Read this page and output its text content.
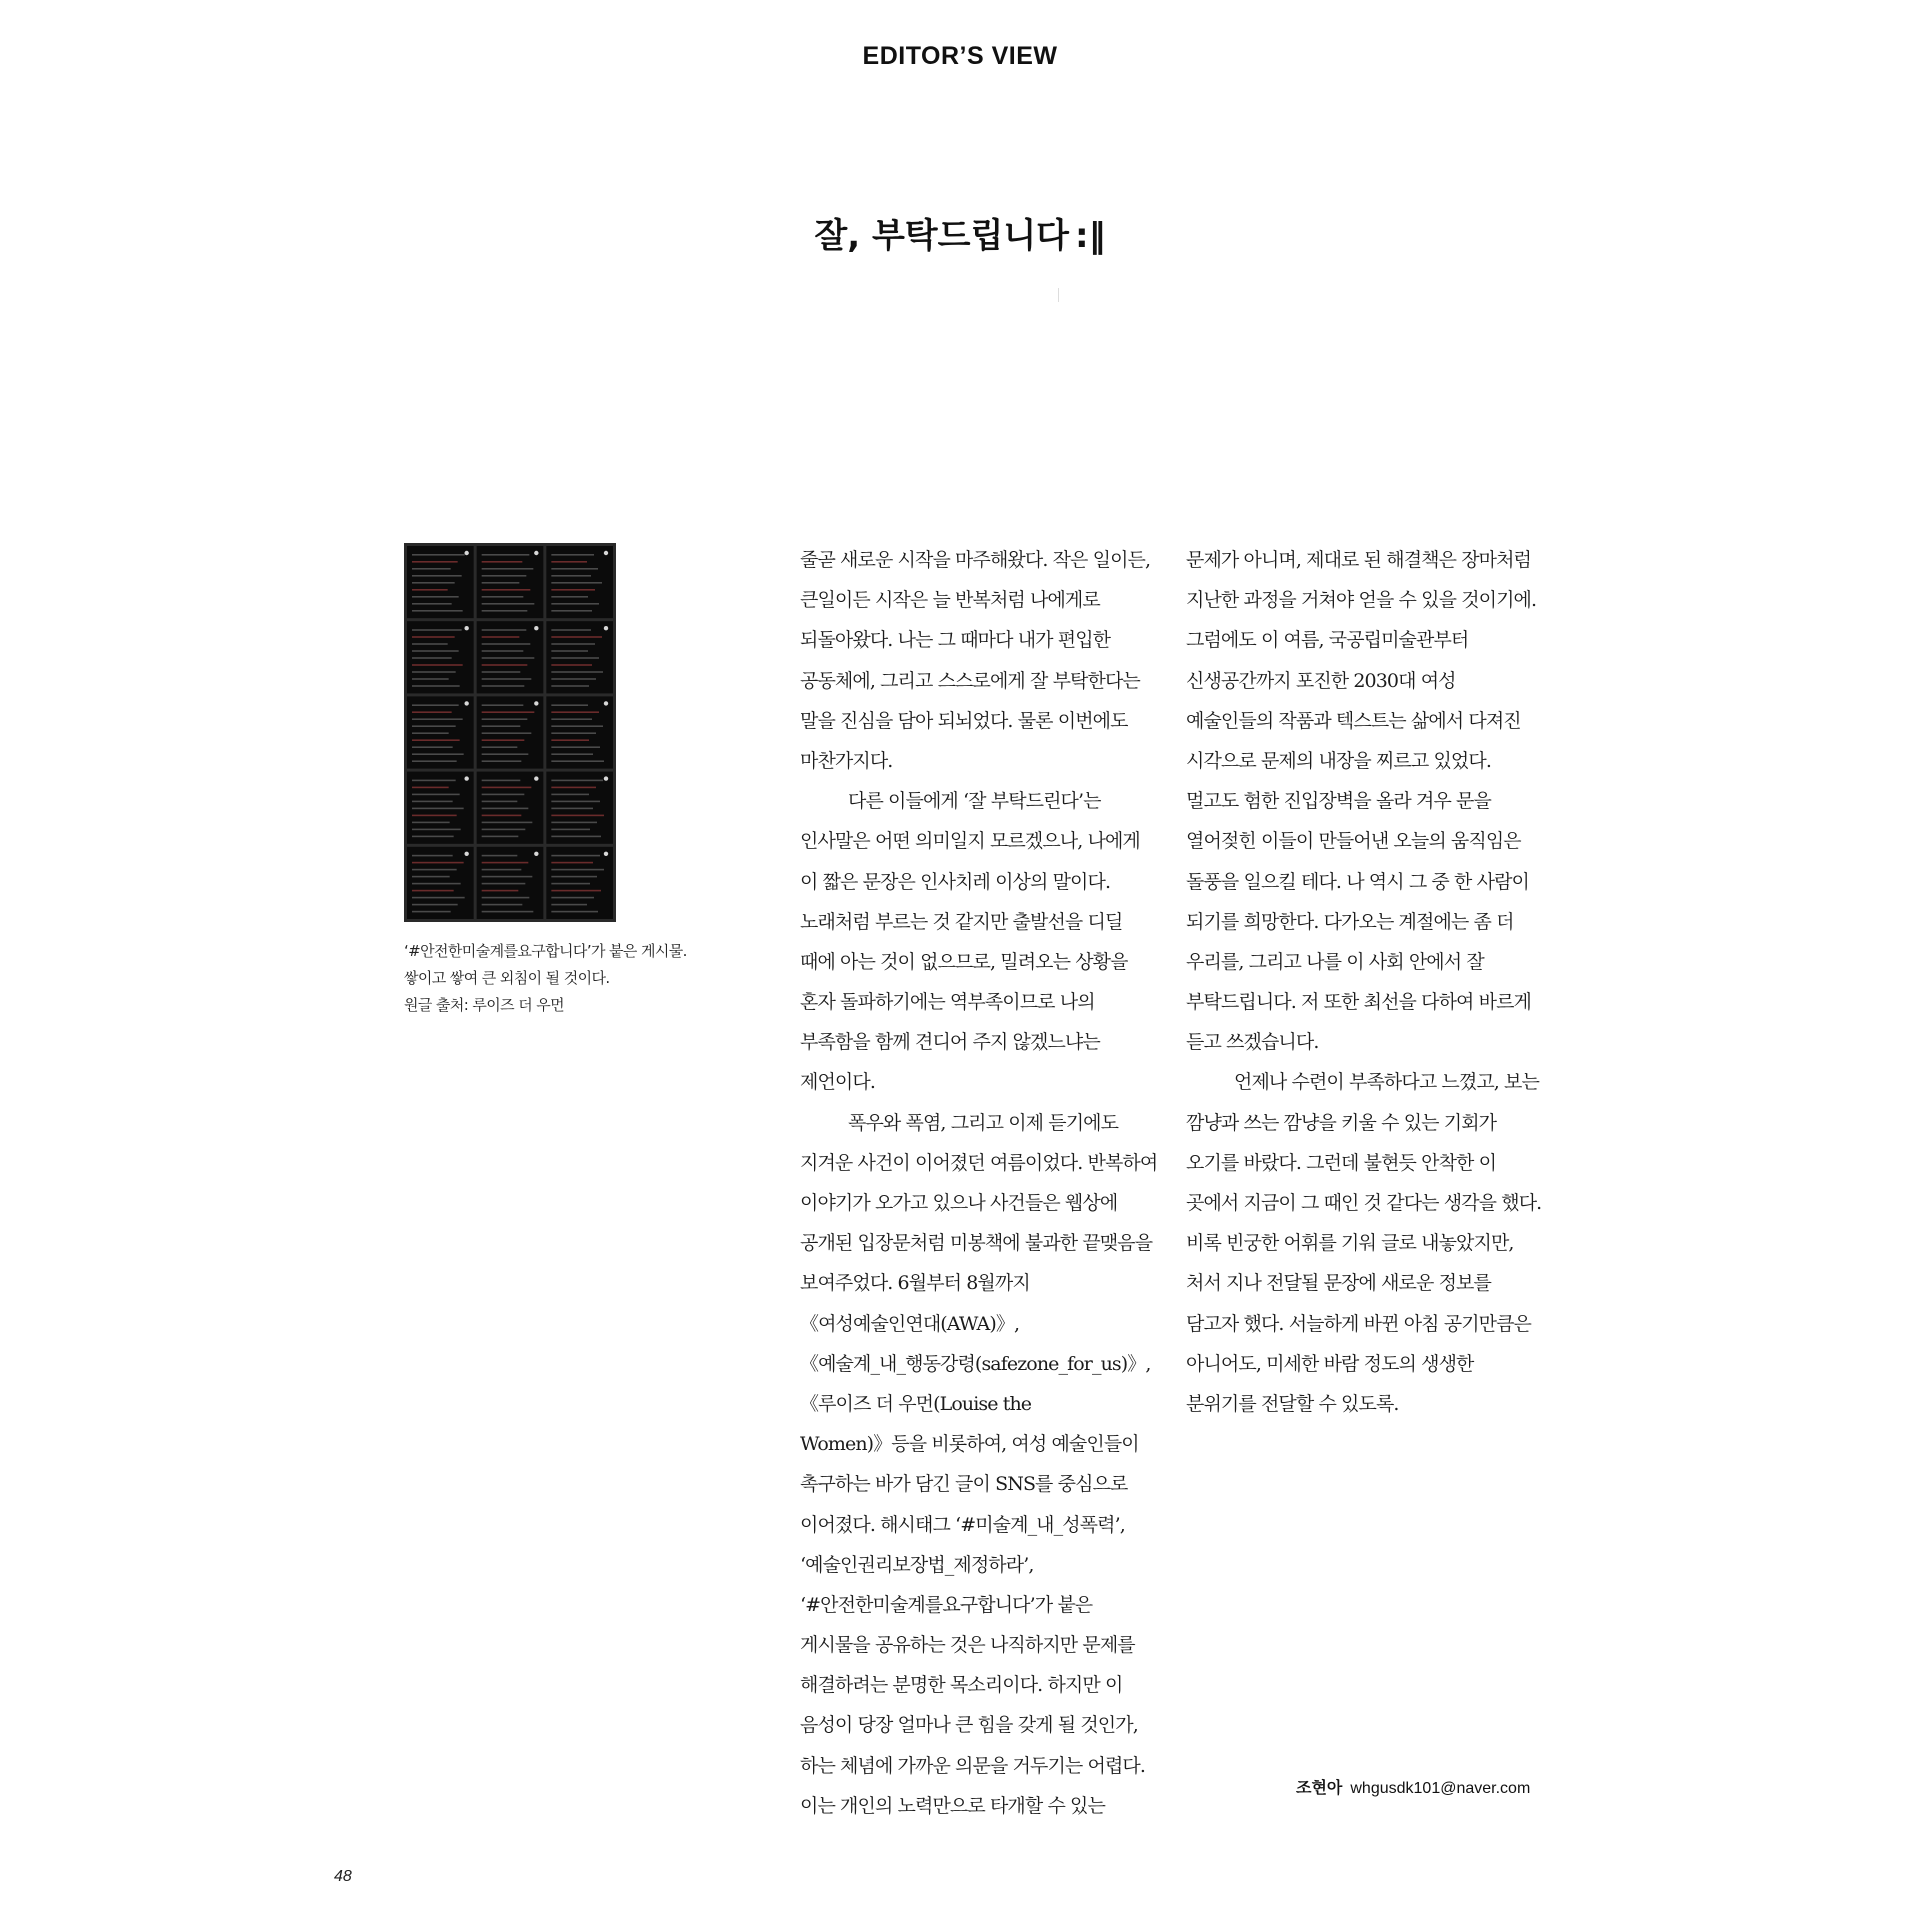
EDITOR’S VIEW
잘, 부탁드립니다 :‖
‘#안전한미술계를요구합니다’가 붙은 게시물.
쌓이고 쌓여 큰 외침이 될 것이다.
원글 출처: 루이즈 더 우먼
줄곧 새로운 시작을 마주해왔다. 작은 일이든,
큰일이든 시작은 늘 반복처럼 나에게로
되돌아왔다. 나는 그 때마다 내가 편입한
공동체에, 그리고 스스로에게 잘 부탁한다는
말을 진심을 담아 되뇌었다. 물론 이번에도
마찬가지다.
다른 이들에게 ‘잘 부탁드린다’는
인사말은 어떤 의미일지 모르겠으나, 나에게
이 짧은 문장은 인사치레 이상의 말이다.
노래처럼 부르는 것 같지만 출발선을 디딜
때에 아는 것이 없으므로, 밀려오는 상황을
혼자 돌파하기에는 역부족이므로 나의
부족함을 함께 견디어 주지 않겠느냐는
제언이다.
폭우와 폭염, 그리고 이제 듣기에도
지겨운 사건이 이어졌던 여름이었다. 반복하여
이야기가 오가고 있으나 사건들은 웹상에
공개된 입장문처럼 미봉책에 불과한 끝맺음을
보여주었다. 6월부터 8월까지
《여성예술인연대(AWA)》,
《예술계_내_행동강령(safezone_for_us)》,
《루이즈 더 우먼(Louise the
Women)》등을 비롯하여, 여성 예술인들이
촉구하는 바가 담긴 글이 SNS를 중심으로
이어졌다. 해시태그 ‘#미술계_내_성폭력’,
‘예술인권리보장법_제정하라’,
‘#안전한미술계를요구합니다’가 붙은
게시물을 공유하는 것은 나직하지만 문제를
해결하려는 분명한 목소리이다. 하지만 이
음성이 당장 얼마나 큰 힘을 갖게 될 것인가,
하는 체념에 가까운 의문을 거두기는 어렵다.
이는 개인의 노력만으로 타개할 수 있는
문제가 아니며, 제대로 된 해결책은 장마처럼
지난한 과정을 거쳐야 얻을 수 있을 것이기에.
그럼에도 이 여름, 국공립미술관부터
신생공간까지 포진한 2030대 여성
예술인들의 작품과 텍스트는 삶에서 다져진
시각으로 문제의 내장을 찌르고 있었다.
멀고도 험한 진입장벽을 올라 겨우 문을
열어젖힌 이들이 만들어낸 오늘의 움직임은
돌풍을 일으킬 테다. 나 역시 그 중 한 사람이
되기를 희망한다. 다가오는 계절에는 좀 더
우리를, 그리고 나를 이 사회 안에서 잘
부탁드립니다. 저 또한 최선을 다하여 바르게
듣고 쓰겠습니다.
언제나 수련이 부족하다고 느꼈고, 보는
깜냥과 쓰는 깜냥을 키울 수 있는 기회가
오기를 바랐다. 그런데 불현듯 안착한 이
곳에서 지금이 그 때인 것 같다는 생각을 했다.
비록 빈궁한 어휘를 기워 글로 내놓았지만,
처서 지나 전달될 문장에 새로운 정보를
담고자 했다. 서늘하게 바뀐 아침 공기만큼은
아니어도, 미세한 바람 정도의 생생한
분위기를 전달할 수 있도록.
조현아 whgusdk101@naver.com
48
